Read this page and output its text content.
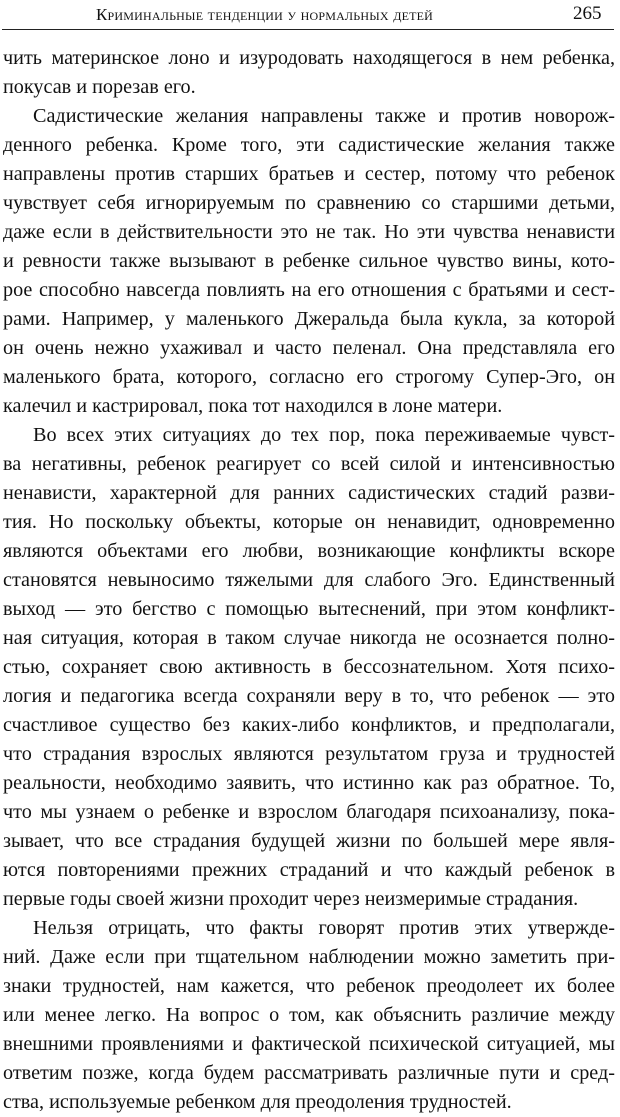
Криминальные тенденции у нормальных детей	265
чить материнское лоно и изуродовать находящегося в нем ребенка,
покусав и порезав его.
Садистические желания направлены также и против новорож-
денного ребенка. Кроме того, эти садистические желания также
направлены против старших братьев и сестер, потому что ребенок
чувствует себя игнорируемым по сравнению со старшими детьми,
даже если в действительности это не так. Но эти чувства ненависти
и ревности также вызывают в ребенке сильное чувство вины, кото-
рое способно навсегда повлиять на его отношения с братьями и сест-
рами. Например, у маленького Джеральда была кукла, за которой
он очень нежно ухаживал и часто пеленал. Она представляла его
маленького брата, которого, согласно его строгому Супер-Эго, он
калечил и кастрировал, пока тот находился в лоне матери.
Во всех этих ситуациях до тех пор, пока переживаемые чувст-
ва негативны, ребенок реагирует со всей силой и интенсивностью
ненависти, характерной для ранних садистических стадий разви-
тия. Но поскольку объекты, которые он ненавидит, одновременно
являются объектами его любви, возникающие конфликты вскоре
становятся невыносимо тяжелыми для слабого Эго. Единственный
выход — это бегство с помощью вытеснений, при этом конфликт-
ная ситуация, которая в таком случае никогда не осознается полно-
стью, сохраняет свою активность в бессознательном. Хотя психо-
логия и педагогика всегда сохраняли веру в то, что ребенок — это
счастливое существо без каких-либо конфликтов, и предполагали,
что страдания взрослых являются результатом груза и трудностей
реальности, необходимо заявить, что истинно как раз обратное. То,
что мы узнаем о ребенке и взрослом благодаря психоанализу, пока-
зывает, что все страдания будущей жизни по большей мере явля-
ются повторениями прежних страданий и что каждый ребенок в
первые годы своей жизни проходит через неизмеримые страдания.
Нельзя отрицать, что факты говорят против этих утвержде-
ний. Даже если при тщательном наблюдении можно заметить при-
знаки трудностей, нам кажется, что ребенок преодолеет их более
или менее легко. На вопрос о том, как объяснить различие между
внешними проявлениями и фактической психической ситуацией, мы
ответим позже, когда будем рассматривать различные пути и сред-
ства, используемые ребенком для преодоления трудностей.
